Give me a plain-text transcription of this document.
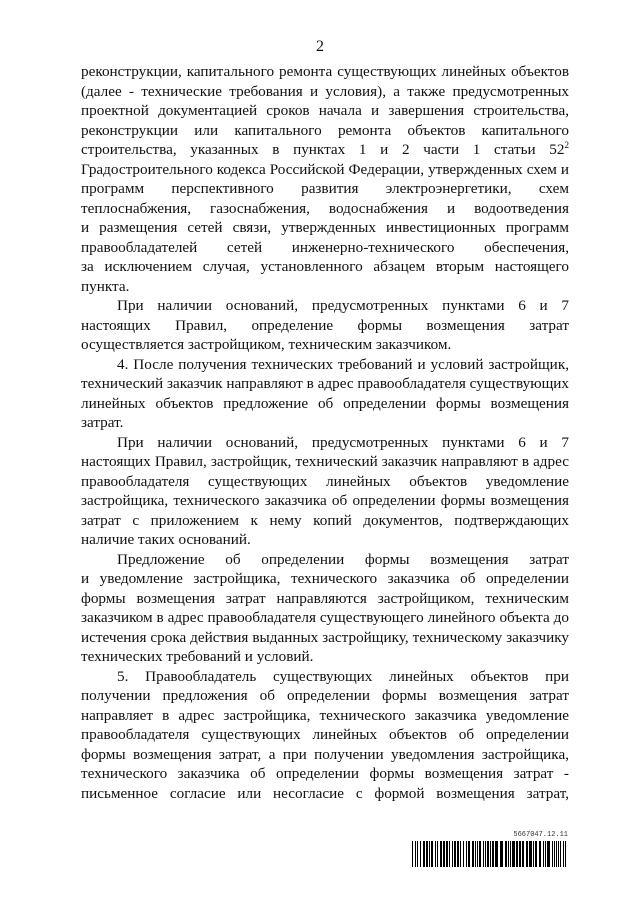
2
реконструкции, капитального ремонта существующих линейных объектов
(далее - технические требования и условия), а также предусмотренных
проектной документацией сроков начала и завершения строительства,
реконструкции или капитального ремонта объектов капитального
строительства, указанных в пунктах 1 и 2 части 1 статьи $52^2$
Градостроительного кодекса Российской Федерации, утвержденных схем и
программ перспективного развития электроэнергетики, схем
теплоснабжения, газоснабжения, водоснабжения и водоотведения
и размещения сетей связи, утвержденных инвестиционных программ
правообладателей сетей инженерно-технического обеспечения,
за исключением случая, установленного абзацем вторым настоящего
пункта.
При наличии оснований, предусмотренных пунктами 6 и 7
настоящих Правил, определение формы возмещения затрат
осуществляется застройщиком, техническим заказчиком.
4. После получения технических требований и условий застройщик,
технический заказчик направляют в адрес правообладателя существующих
линейных объектов предложение об определении формы возмещения
затрат.
При наличии оснований, предусмотренных пунктами 6 и 7
настоящих Правил, застройщик, технический заказчик направляют в адрес
правообладателя существующих линейных объектов уведомление
застройщика, технического заказчика об определении формы возмещения
затрат с приложением к нему копий документов, подтверждающих
наличие таких оснований.
Предложение об определении формы возмещения затрат
и уведомление застройщика, технического заказчика об определении
формы возмещения затрат направляются застройщиком, техническим
заказчиком в адрес правообладателя существующего линейного объекта до
истечения срока действия выданных застройщику, техническому заказчику
технических требований и условий.
5. Правообладатель существующих линейных объектов при
получении предложения об определении формы возмещения затрат
направляет в адрес застройщика, технического заказчика уведомление
правообладателя существующих линейных объектов об определении
формы возмещения затрат, а при получении уведомления застройщика,
технического заказчика об определении формы возмещения затрат -
письменное согласие или несогласие с формой возмещения затрат,
5667047.12.11
